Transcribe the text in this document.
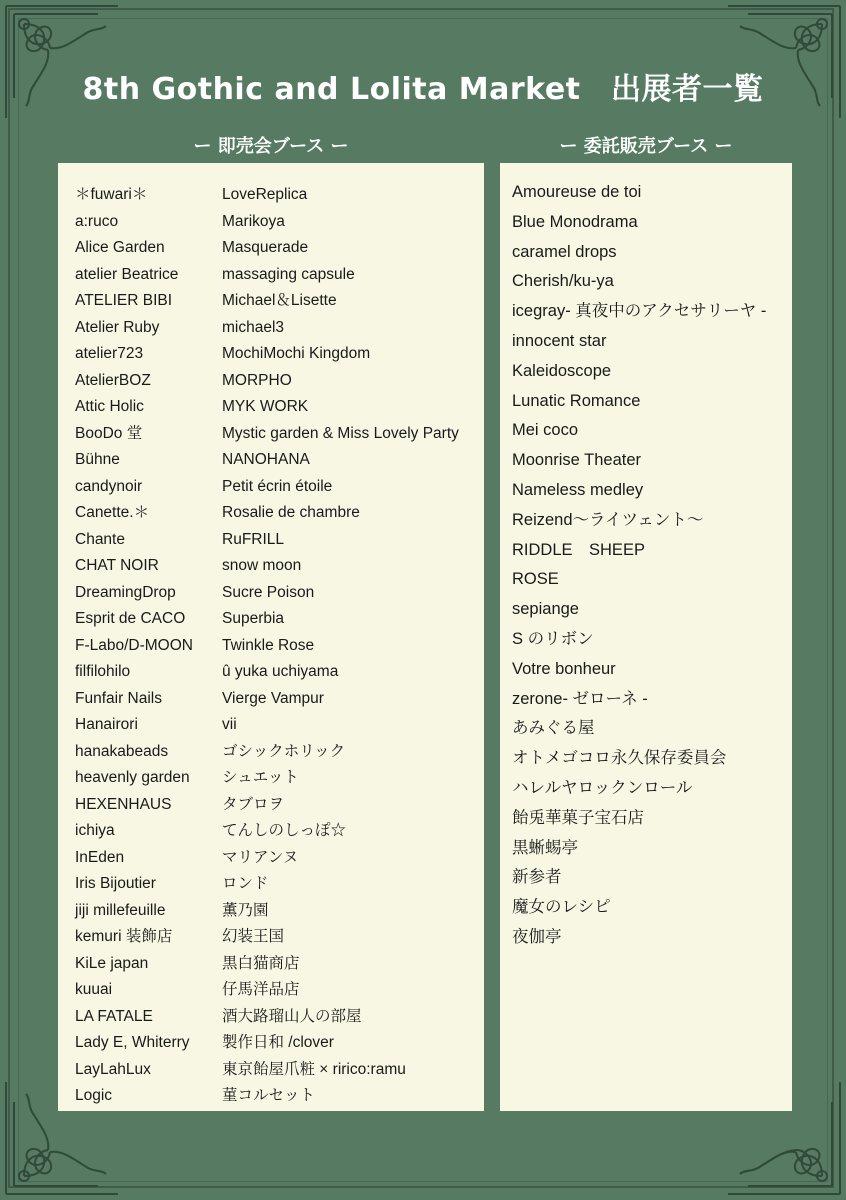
8th Gothic and Lolita Market　出展者一覧
ー 即売会ブース ー	ー 委託販売ブース ー
＊fuwari＊
a:ruco
Alice Garden
atelier Beatrice
ATELIER BIBI
Atelier Ruby
atelier723
AtelierBOZ
Attic Holic
BooDo 堂
Bühne
candynoir
Canette.＊
Chante
CHAT NOIR
DreamingDrop
Esprit de CACO
F-Labo/D-MOON
filfilohilo
Funfair Nails
Hanairori
hanakabeads
heavenly garden
HEXENHAUS
ichiya
InEden
Iris Bijoutier
jiji millefeuille
kemuri 装飾店
KiLe japan
kuuai
LA FATALE
Lady E, Whiterry
LayLahLux
Logic
LoveReplica
Marikoya
Masquerade
massaging capsule
Michael＆Lisette
michael3
MochiMochi Kingdom
MORPHO
MYK WORK
Mystic garden & Miss Lovely Party
NANOHANA
Petit écrin étoile
Rosalie de chambre
RuFRILL
snow moon
Sucre Poison
Superbia
Twinkle Rose
û yuka uchiyama
Vierge Vampur
vii
ゴシックホリック
シュエット
タブロヲ
てんしのしっぽ☆
マリアンヌ
ロンド
薫乃園
幻装王国
黒白猫商店
仔馬洋品店
酒大路瑠山人の部屋
製作日和 /clover
東京飴屋爪粧 × ririco:ramu
菫コルセット
Amoureuse de toi
Blue Monodrama
caramel drops
Cherish/ku-ya
icegray- 真夜中のアクセサリーヤ -
innocent star
Kaleidoscope
Lunatic Romance
Mei coco
Moonrise Theater
Nameless medley
Reizend～ライツェント～
RIDDLE　SHEEP
ROSE
sepiange
S のリボン
Votre bonheur
zerone- ゼローネ -
あみぐる屋
オトメゴコロ永久保存委員会
ハレルヤロックンロール
飴兎華菓子宝石店
黒蜥蜴亭
新参者
魔女のレシピ
夜伽亭
